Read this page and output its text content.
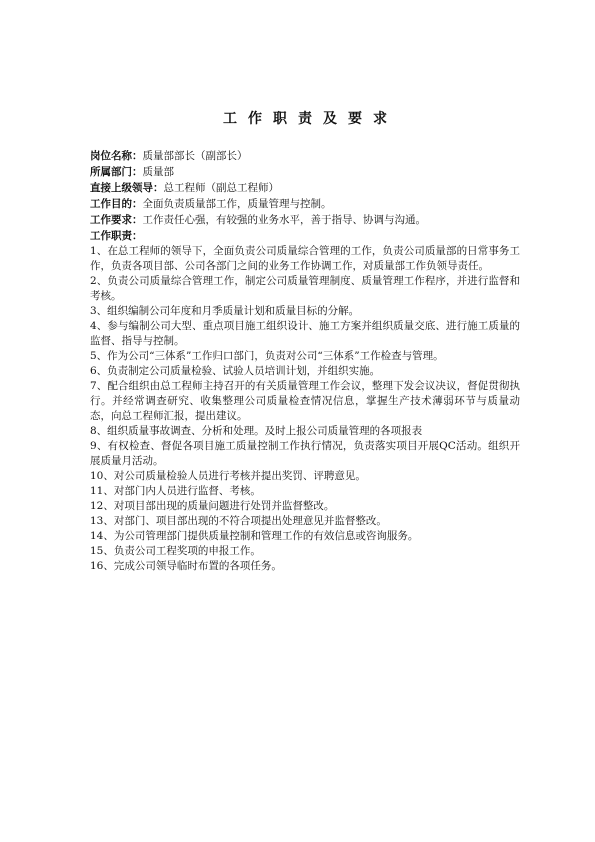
工作职责及要求
岗位名称：质量部部长（副部长）
所属部门：质量部
直接上级领导：总工程师（副总工程师）
工作目的：全面负责质量部工作，质量管理与控制。
工作要求：工作责任心强，有较强的业务水平，善于指导、协调与沟通。
工作职责：
1、在总工程师的领导下，全面负责公司质量综合管理的工作，负责公司质量部的日常事务工作，负责各项目部、公司各部门之间的业务工作协调工作，对质量部工作负领导责任。
2、负责公司质量综合管理工作，制定公司质量管理制度、质量管理工作程序，并进行监督和考核。
3、组织编制公司年度和月季质量计划和质量目标的分解。
4、参与编制公司大型、重点项目施工组织设计、施工方案并组织质量交底、进行施工质量的监督、指导与控制。
5、作为公司“三体系”工作归口部门，负责对公司“三体系”工作检查与管理。
6、负责制定公司质量检验、试验人员培训计划，并组织实施。
7、配合组织由总工程师主持召开的有关质量管理工作会议，整理下发会议决议，督促贯彻执行。并经常调查研究、收集整理公司质量检查情况信息，掌握生产技术薄弱环节与质量动态，向总工程师汇报，提出建议。
8、组织质量事故调查、分析和处理。及时上报公司质量管理的各项报表
9、有权检查、督促各项目施工质量控制工作执行情况，负责落实项目开展QC活动。组织开展质量月活动。
10、对公司质量检验人员进行考核并提出奖罚、评聘意见。
11、对部门内人员进行监督、考核。
12、对项目部出现的质量问题进行处罚并监督整改。
13、对部门、项目部出现的不符合项提出处理意见并监督整改。
14、为公司管理部门提供质量控制和管理工作的有效信息或咨询服务。
15、负责公司工程奖项的申报工作。
16、完成公司领导临时布置的各项任务。
